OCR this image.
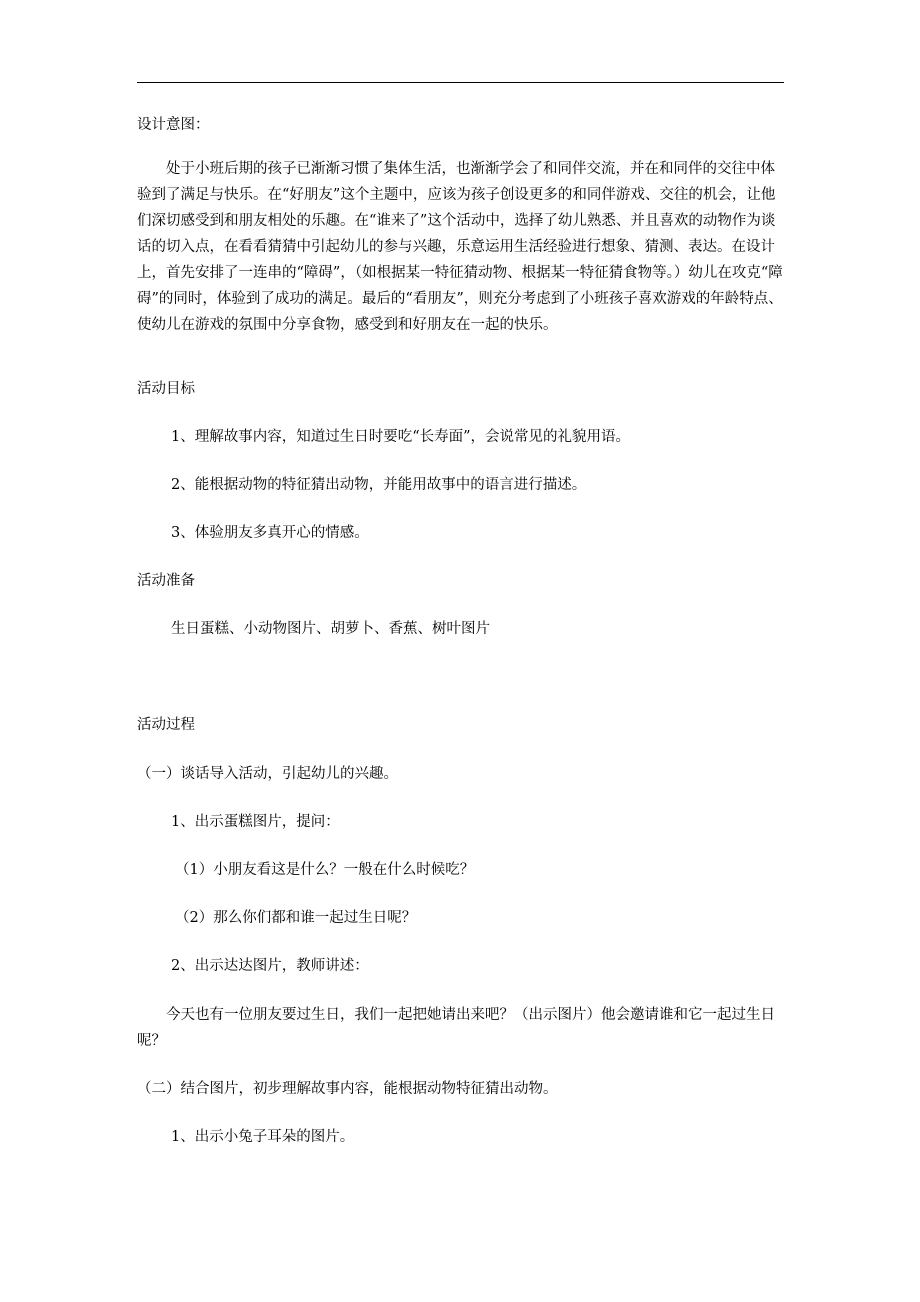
设计意图：

处于小班后期的孩子已渐渐习惯了集体生活，也渐渐学会了和同伴交流，并在和同伴的交往中体验到了满足与快乐。在“好朋友”这个主题中，应该为孩子创设更多的和同伴游戏、交往的机会，让他们深切感受到和朋友相处的乐趣。在“谁来了”这个活动中，选择了幼儿熟悉、并且喜欢的动物作为谈话的切入点，在看看猜猜中引起幼儿的参与兴趣，乐意运用生活经验进行想象、猜测、表达。在设计上，首先安排了一连串的“障碍”，（如根据某一特征猜动物、根据某一特征猜食物等。）幼儿在攻克“障碍”的同时，体验到了成功的满足。最后的“看朋友”，则充分考虑到了小班孩子喜欢游戏的年龄特点、使幼儿在游戏的氛围中分享食物，感受到和好朋友在一起的快乐。

活动目标

1、理解故事内容，知道过生日时要吃“长寿面”，会说常见的礼貌用语。

2、能根据动物的特征猜出动物，并能用故事中的语言进行描述。

3、体验朋友多真开心的情感。

活动准备

生日蛋糕、小动物图片、胡萝卜、香蕉、树叶图片

活动过程

（一）谈话导入活动，引起幼儿的兴趣。

1、出示蛋糕图片，提问：

（1）小朋友看这是什么？一般在什么时候吃？

（2）那么你们都和谁一起过生日呢？

2、出示达达图片，教师讲述：

今天也有一位朋友要过生日，我们一起把她请出来吧？（出示图片）他会邀请谁和它一起过生日呢？

（二）结合图片，初步理解故事内容，能根据动物特征猜出动物。

1、出示小兔子耳朵的图片。
